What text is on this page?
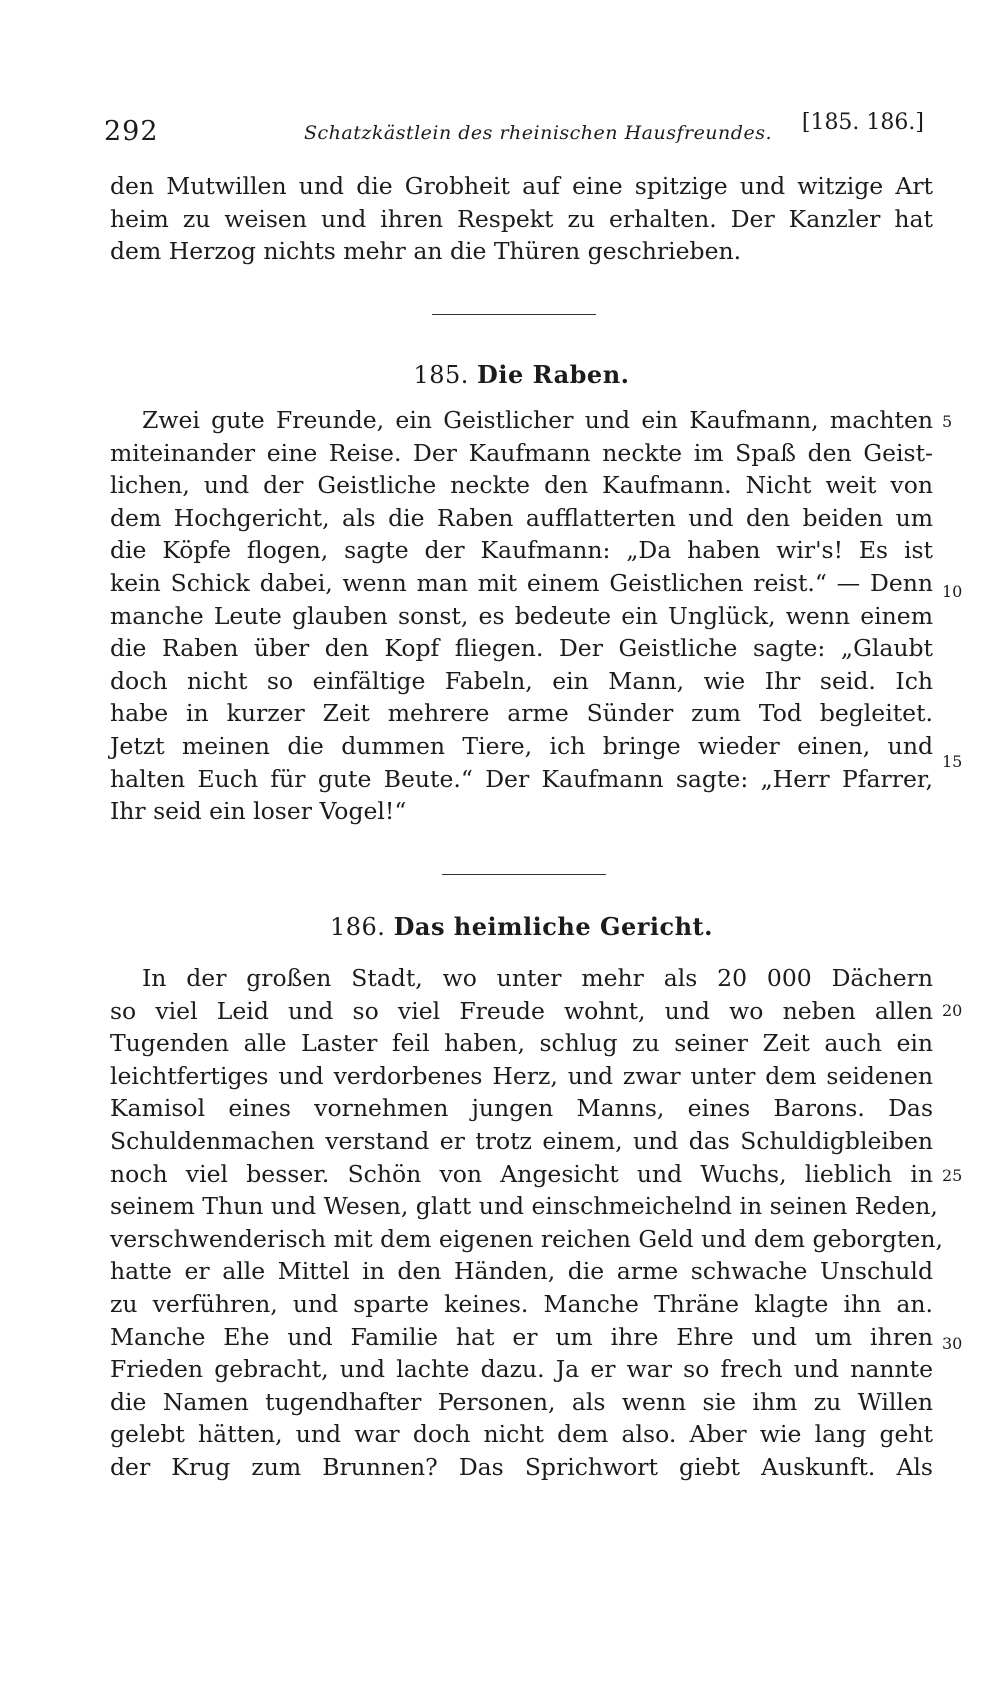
292	Schatzkästlein des rheinischen Hausfreundes. [185. 186.]
den Mutwillen und die Grobheit auf eine spitzige und witzige Art
heim zu weisen und ihren Respekt zu erhalten. Der Kanzler hat
dem Herzog nichts mehr an die Thüren geschrieben.
185. Die Raben.
Zwei gute Freunde, ein Geistlicher und ein Kaufmann, machten
miteinander eine Reise. Der Kaufmann neckte im Spaß den Geist-
lichen, und der Geistliche neckte den Kaufmann. Nicht weit von
dem Hochgericht, als die Raben aufflatterten und den beiden um
die Köpfe flogen, sagte der Kaufmann: „Da haben wir's! Es ist
kein Schick dabei, wenn man mit einem Geistlichen reist.“ — Denn
manche Leute glauben sonst, es bedeute ein Unglück, wenn einem
die Raben über den Kopf fliegen. Der Geistliche sagte: „Glaubt
doch nicht so einfältige Fabeln, ein Mann, wie Ihr seid. Ich
habe in kurzer Zeit mehrere arme Sünder zum Tod begleitet.
Jetzt meinen die dummen Tiere, ich bringe wieder einen, und
halten Euch für gute Beute.“ Der Kaufmann sagte: „Herr Pfarrer,
Ihr seid ein loser Vogel!“
186. Das heimliche Gericht.
In der großen Stadt, wo unter mehr als 20 000 Dächern
so viel Leid und so viel Freude wohnt, und wo neben allen
Tugenden alle Laster feil haben, schlug zu seiner Zeit auch ein
leichtfertiges und verdorbenes Herz, und zwar unter dem seidenen
Kamisol eines vornehmen jungen Manns, eines Barons. Das
Schuldenmachen verstand er trotz einem, und das Schuldigbleiben
noch viel besser. Schön von Angesicht und Wuchs, lieblich in
seinem Thun und Wesen, glatt und einschmeichelnd in seinen Reden,
verschwenderisch mit dem eigenen reichen Geld und dem geborgten,
hatte er alle Mittel in den Händen, die arme schwache Unschuld
zu verführen, und sparte keines. Manche Thräne klagte ihn an.
Manche Ehe und Familie hat er um ihre Ehre und um ihren
Frieden gebracht, und lachte dazu. Ja er war so frech und nannte
die Namen tugendhafter Personen, als wenn sie ihm zu Willen
gelebt hätten, und war doch nicht dem also. Aber wie lang geht
der Krug zum Brunnen? Das Sprichwort giebt Auskunft. Als
5
10
15
20
25
30
